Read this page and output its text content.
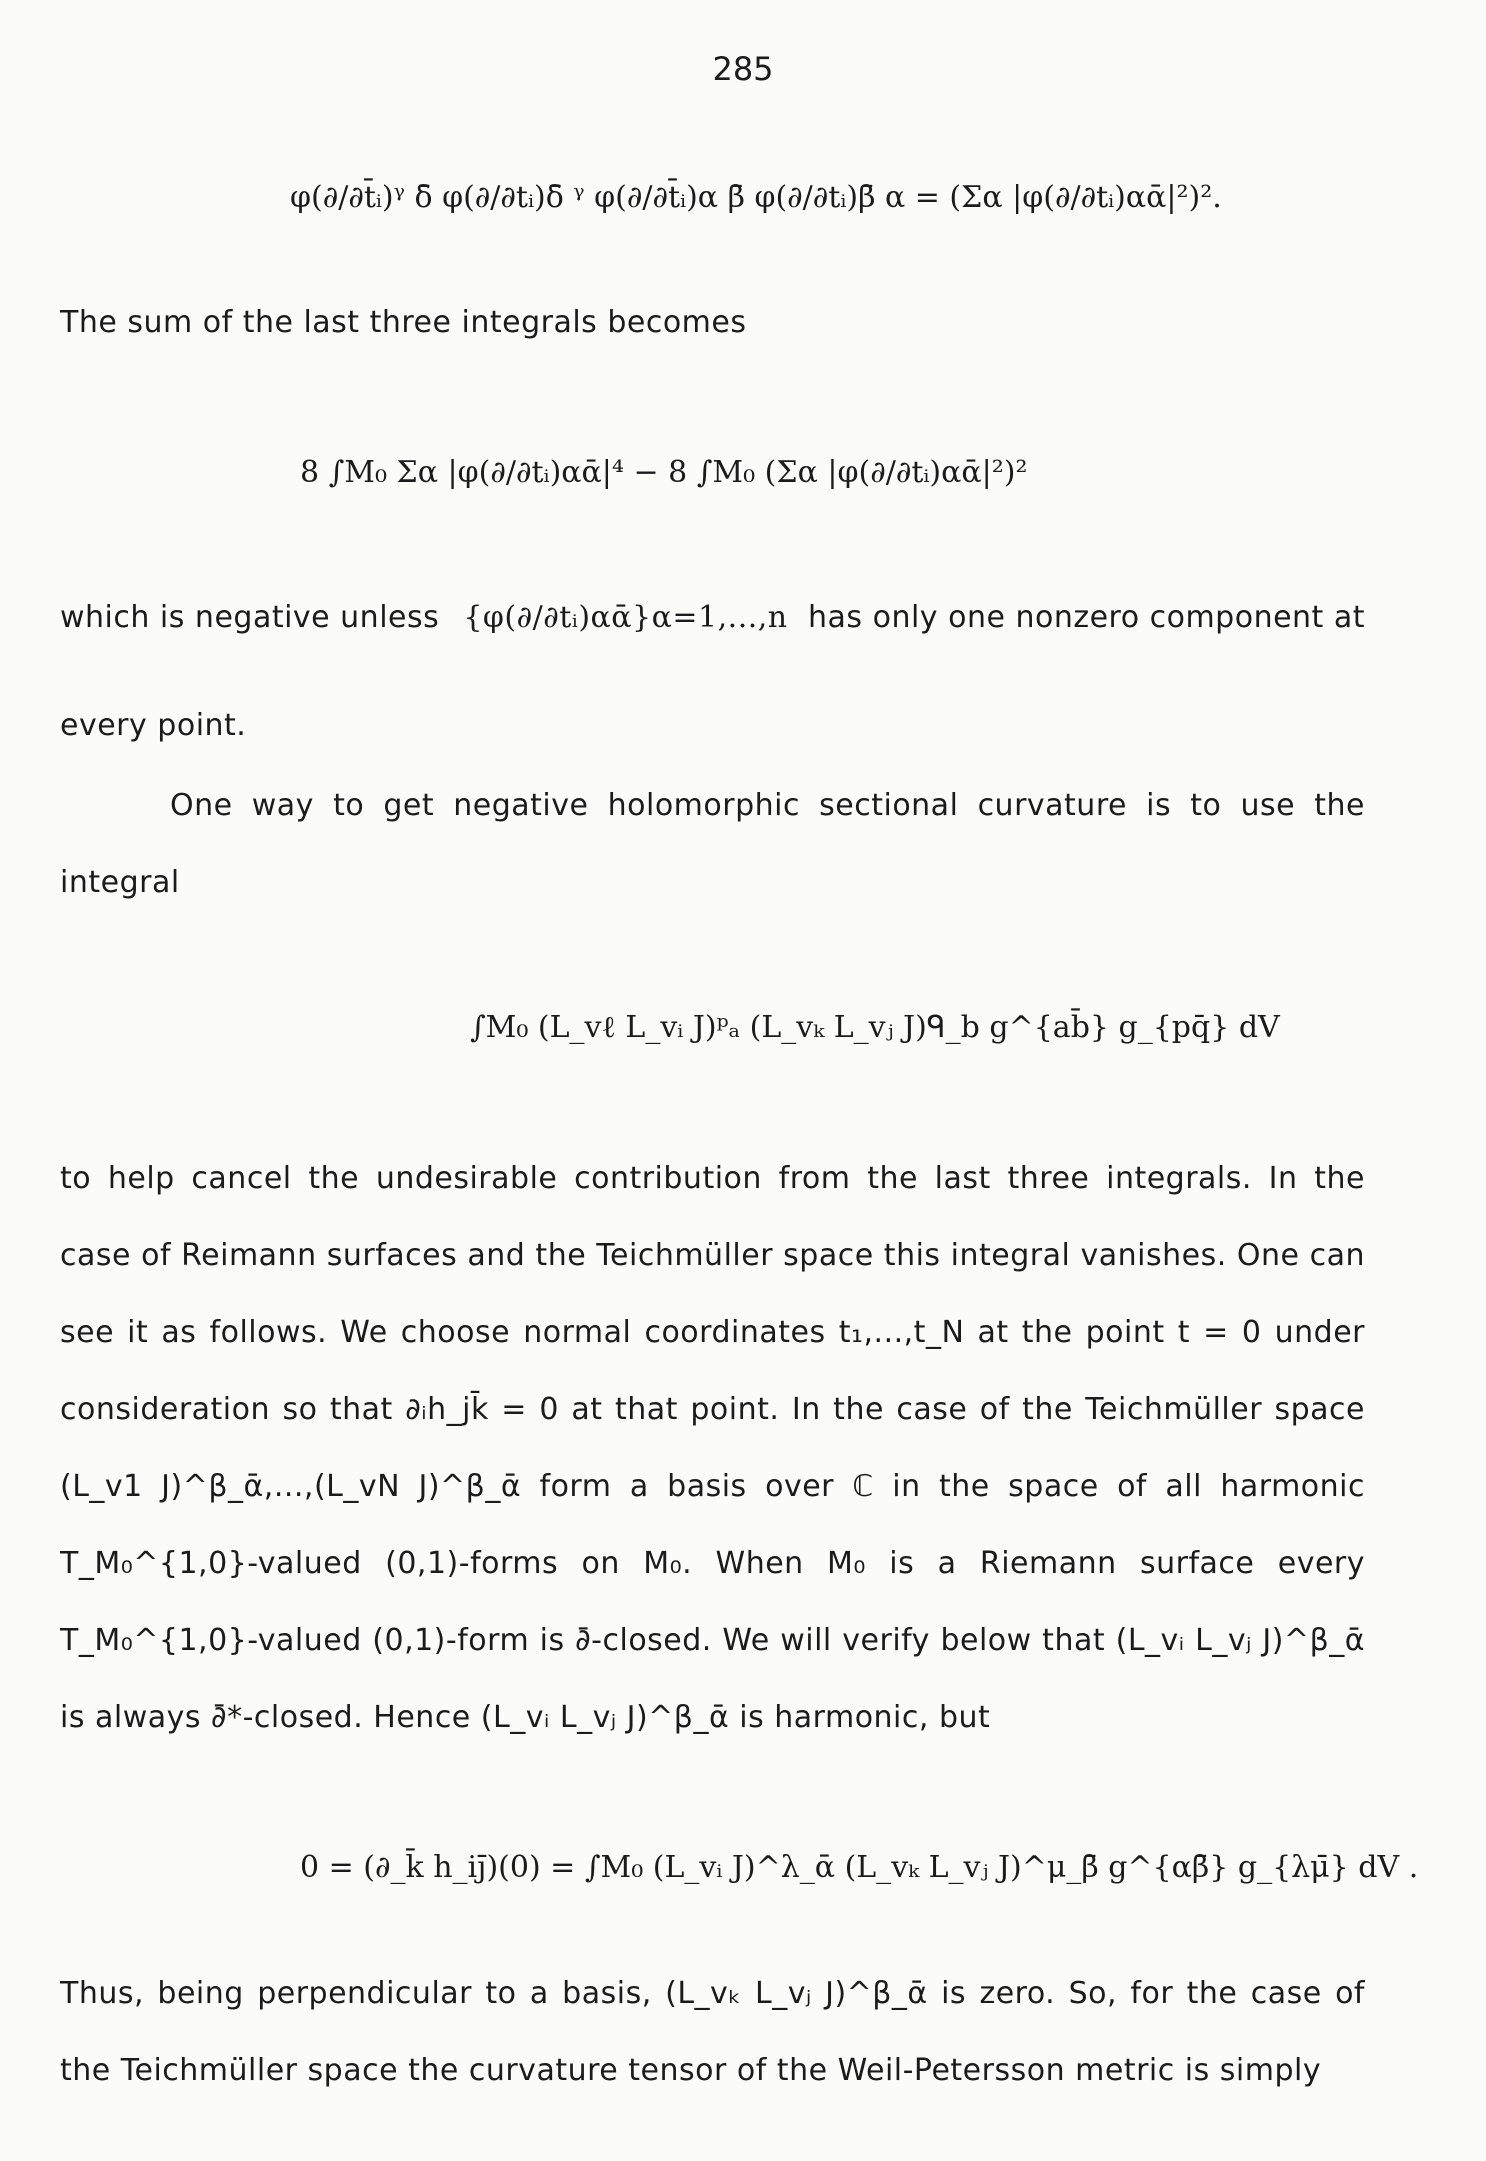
285
φ(∂/∂t̄ᵢ)ᵞ δ̄ φ(∂/∂tᵢ)δ̄ ᵞ φ(∂/∂t̄ᵢ)α β̄ φ(∂/∂tᵢ)β̄ α = (Σα |φ(∂/∂tᵢ)αᾱ|²)².
The sum of the last three integrals becomes
8 ∫M₀ Σα |φ(∂/∂tᵢ)αᾱ|⁴ − 8 ∫M₀ (Σα |φ(∂/∂tᵢ)αᾱ|²)²
which is negative unless {φ(∂/∂tᵢ)αᾱ}α=1,...,n has only one nonzero component at
every point.
One way to get negative holomorphic sectional curvature is to use the
integral
∫M₀ (L_vℓ L_vᵢ J)ᵖₐ (L_vₖ L_vⱼ J)ᑫ_b g^{ab̄} g_{pq̄} dV
to help cancel the undesirable contribution from the last three integrals. In the case of Reimann surfaces and the Teichmüller space this integral vanishes. One can see it as follows. We choose normal coordinates t₁,...,t_N at the point t = 0 under consideration so that ∂ᵢh_jk̄ = 0 at that point. In the case of the Teichmüller space (L_v1 J)^β_ᾱ,...,(L_vN J)^β_ᾱ form a basis over ℂ in the space of all harmonic T_M₀^{1,0}-valued (0,1)-forms on M₀. When M₀ is a Riemann surface every T_M₀^{1,0}-valued (0,1)-form is ∂̄-closed. We will verify below that (L_vᵢ L_vⱼ J)^β_ᾱ is always ∂̄*-closed. Hence (L_vᵢ L_vⱼ J)^β_ᾱ is harmonic, but
0 = (∂_k̄ h_ij̄)(0) = ∫M₀ (L_vᵢ J)^λ_ᾱ (L_vₖ L_vⱼ J)^μ_β̄ g^{αβ̄} g_{λμ̄} dV .
Thus, being perpendicular to a basis, (L_vₖ L_vⱼ J)^β_ᾱ is zero. So, for the case of the Teichmüller space the curvature tensor of the Weil-Petersson metric is simply
